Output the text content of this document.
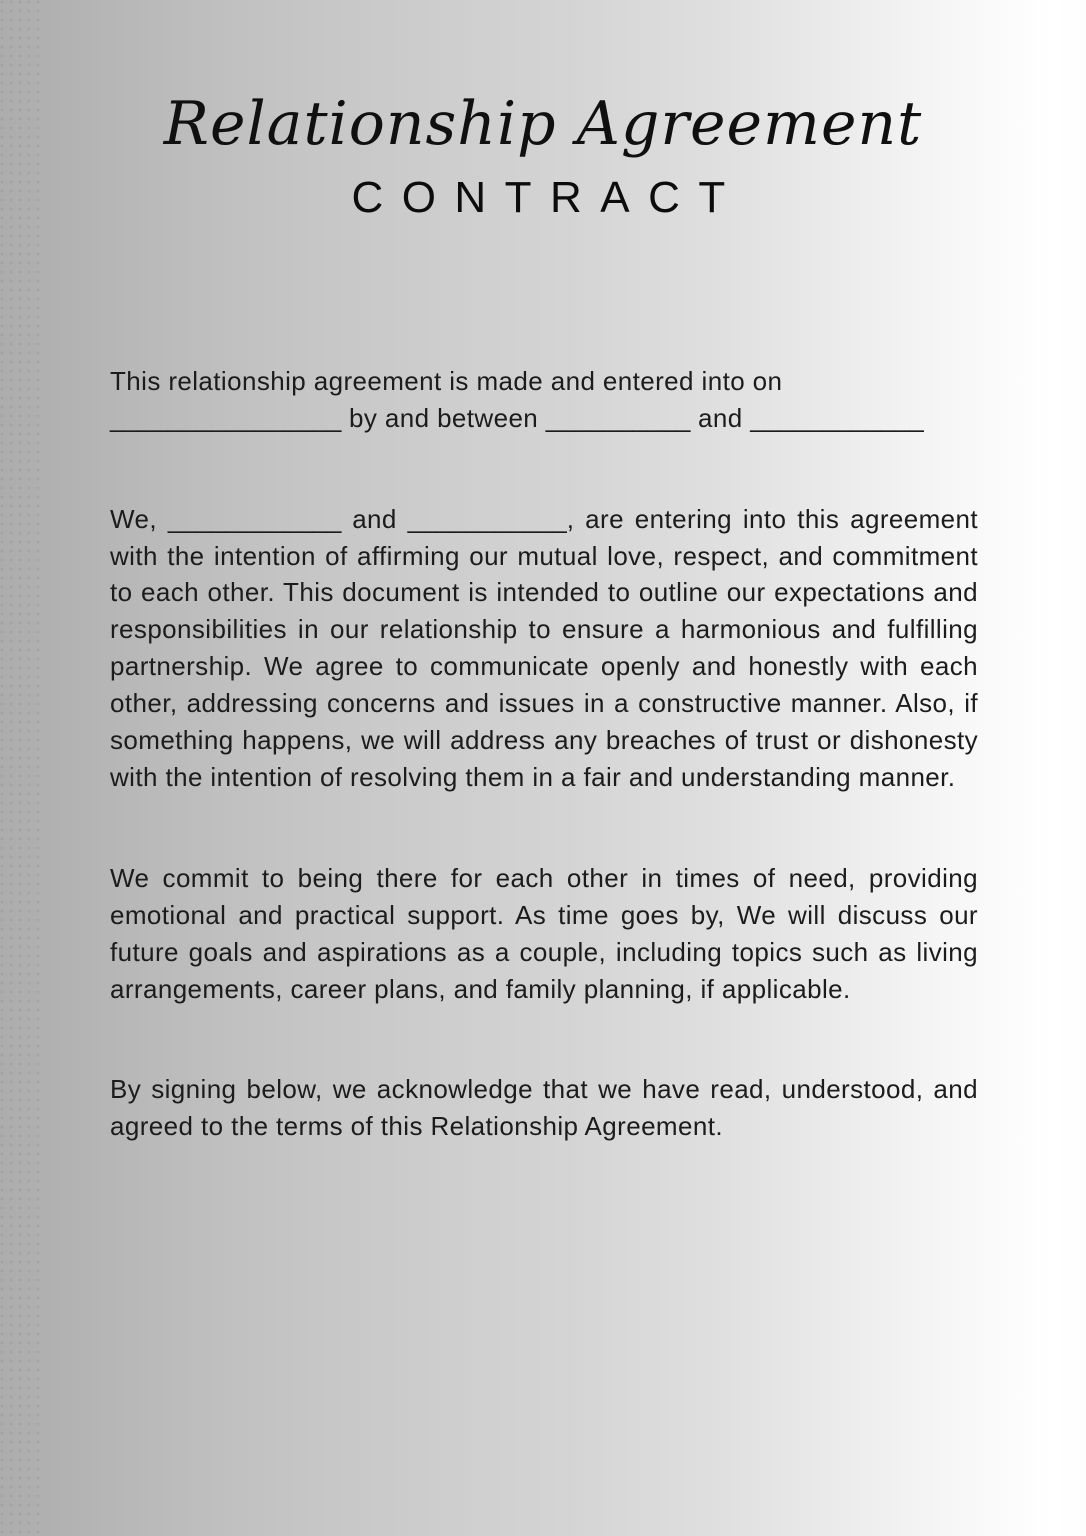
Relationship Agreement
CONTRACT

This relationship agreement is made and entered into on ________________ by and between __________ and ____________

We, ____________ and ___________, are entering into this agreement with the intention of affirming our mutual love, respect, and commitment to each other. This document is intended to outline our expectations and responsibilities in our relationship to ensure a harmonious and fulfilling partnership. We agree to communicate openly and honestly with each other, addressing concerns and issues in a constructive manner. Also, if something happens, we will address any breaches of trust or dishonesty with the intention of resolving them in a fair and understanding manner.

We commit to being there for each other in times of need, providing emotional and practical support. As time goes by, We will discuss our future goals and aspirations as a couple, including topics such as living arrangements, career plans, and family planning, if applicable.

By signing below, we acknowledge that we have read, understood, and agreed to the terms of this Relationship Agreement.
